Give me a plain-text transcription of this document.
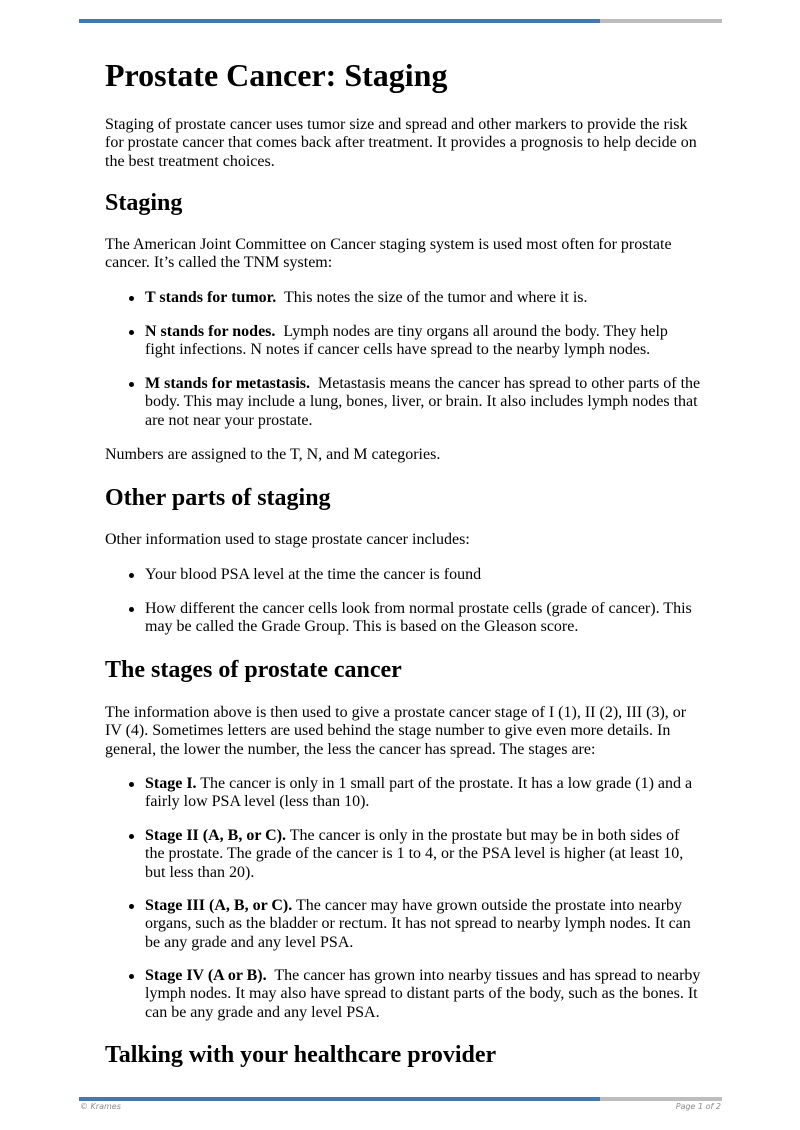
Prostate Cancer: Staging

Staging of prostate cancer uses tumor size and spread and other markers to provide the risk for prostate cancer that comes back after treatment. It provides a prognosis to help decide on the best treatment choices.

Staging

The American Joint Committee on Cancer staging system is used most often for prostate cancer. It’s called the TNM system:

T stands for tumor.  This notes the size of the tumor and where it is.
N stands for nodes.  Lymph nodes are tiny organs all around the body. They help fight infections. N notes if cancer cells have spread to the nearby lymph nodes.
M stands for metastasis.  Metastasis means the cancer has spread to other parts of the body. This may include a lung, bones, liver, or brain. It also includes lymph nodes that are not near your prostate.

Numbers are assigned to the T, N, and M categories.

Other parts of staging

Other information used to stage prostate cancer includes:

Your blood PSA level at the time the cancer is found
How different the cancer cells look from normal prostate cells (grade of cancer). This may be called the Grade Group. This is based on the Gleason score.
The stages of prostate cancer

The information above is then used to give a prostate cancer stage of I (1), II (2), III (3), or IV (4). Sometimes letters are used behind the stage number to give even more details. In general, the lower the number, the less the cancer has spread. The stages are:

Stage I. The cancer is only in 1 small part of the prostate. It has a low grade (1) and a fairly low PSA level (less than 10).
Stage II (A, B, or C). The cancer is only in the prostate but may be in both sides of the prostate. The grade of the cancer is 1 to 4, or the PSA level is higher (at least 10, but less than 20).
Stage III (A, B, or C). The cancer may have grown outside the prostate into nearby organs, such as the bladder or rectum. It has not spread to nearby lymph nodes. It can be any grade and any level PSA.
Stage IV (A or B).  The cancer has grown into nearby tissues and has spread to nearby lymph nodes. It may also have spread to distant parts of the body, such as the bones. It can be any grade and any level PSA.
Talking with your healthcare provider
© Krames	Page 1 of 2
